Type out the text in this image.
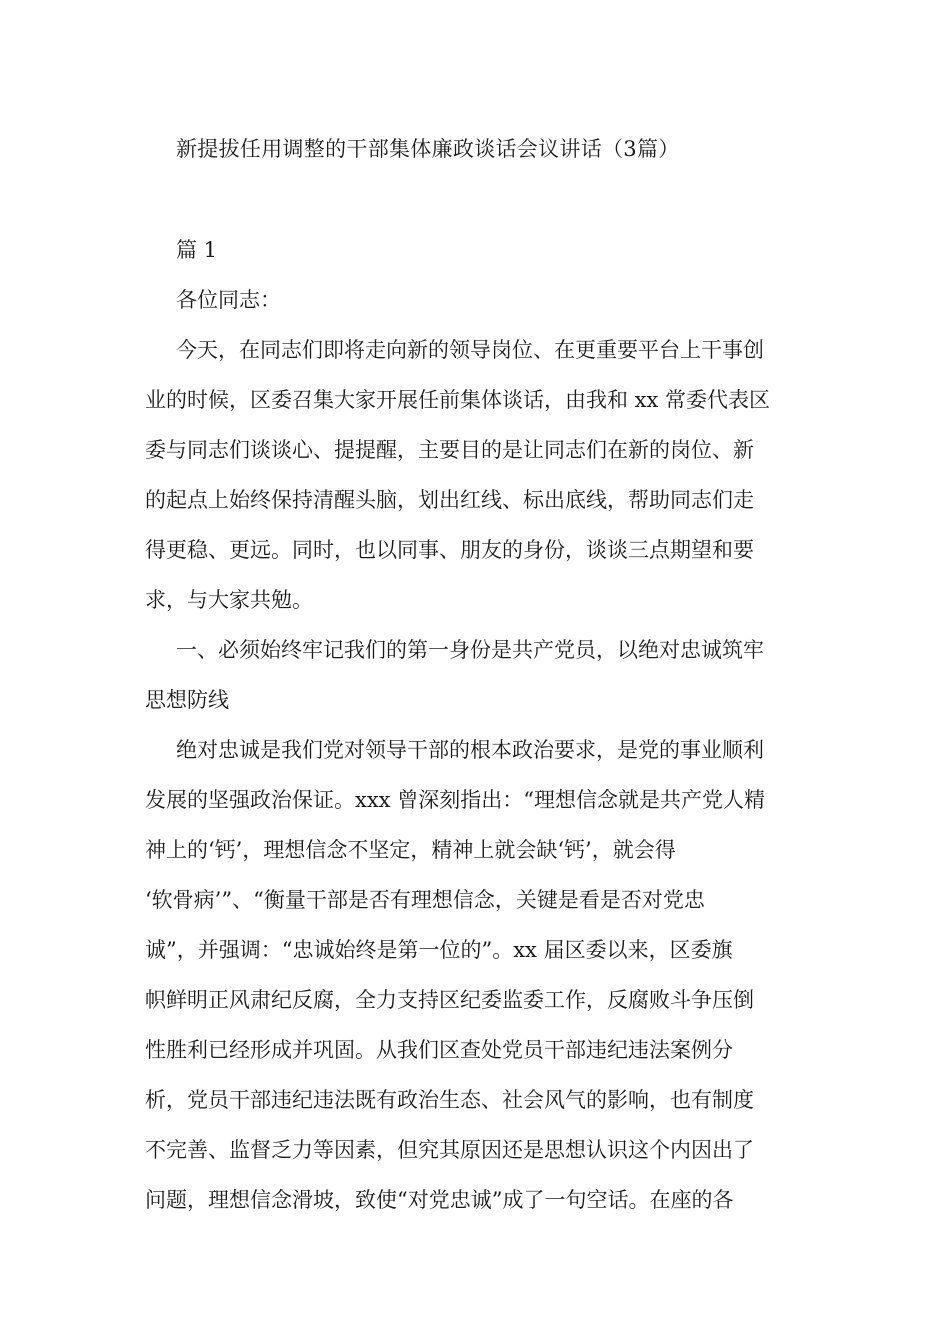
新提拔任用调整的干部集体廉政谈话会议讲话（3篇）
篇 1
各位同志：
今天，在同志们即将走向新的领导岗位、在更重要平台上干事创
业的时候，区委召集大家开展任前集体谈话，由我和 xx 常委代表区
委与同志们谈谈心、提提醒，主要目的是让同志们在新的岗位、新
的起点上始终保持清醒头脑，划出红线、标出底线，帮助同志们走
得更稳、更远。同时，也以同事、朋友的身份，谈谈三点期望和要
求，与大家共勉。
一、必须始终牢记我们的第一身份是共产党员，以绝对忠诚筑牢
思想防线
绝对忠诚是我们党对领导干部的根本政治要求，是党的事业顺利
发展的坚强政治保证。xxx 曾深刻指出：“理想信念就是共产党人精
神上的‘钙’，理想信念不坚定，精神上就会缺‘钙’，就会得
‘软骨病’”、“衡量干部是否有理想信念，关键是看是否对党忠
诚”，并强调：“忠诚始终是第一位的”。xx 届区委以来，区委旗
帜鲜明正风肃纪反腐，全力支持区纪委监委工作，反腐败斗争压倒
性胜利已经形成并巩固。从我们区查处党员干部违纪违法案例分
析，党员干部违纪违法既有政治生态、社会风气的影响，也有制度
不完善、监督乏力等因素，但究其原因还是思想认识这个内因出了
问题，理想信念滑坡，致使“对党忠诚”成了一句空话。在座的各
